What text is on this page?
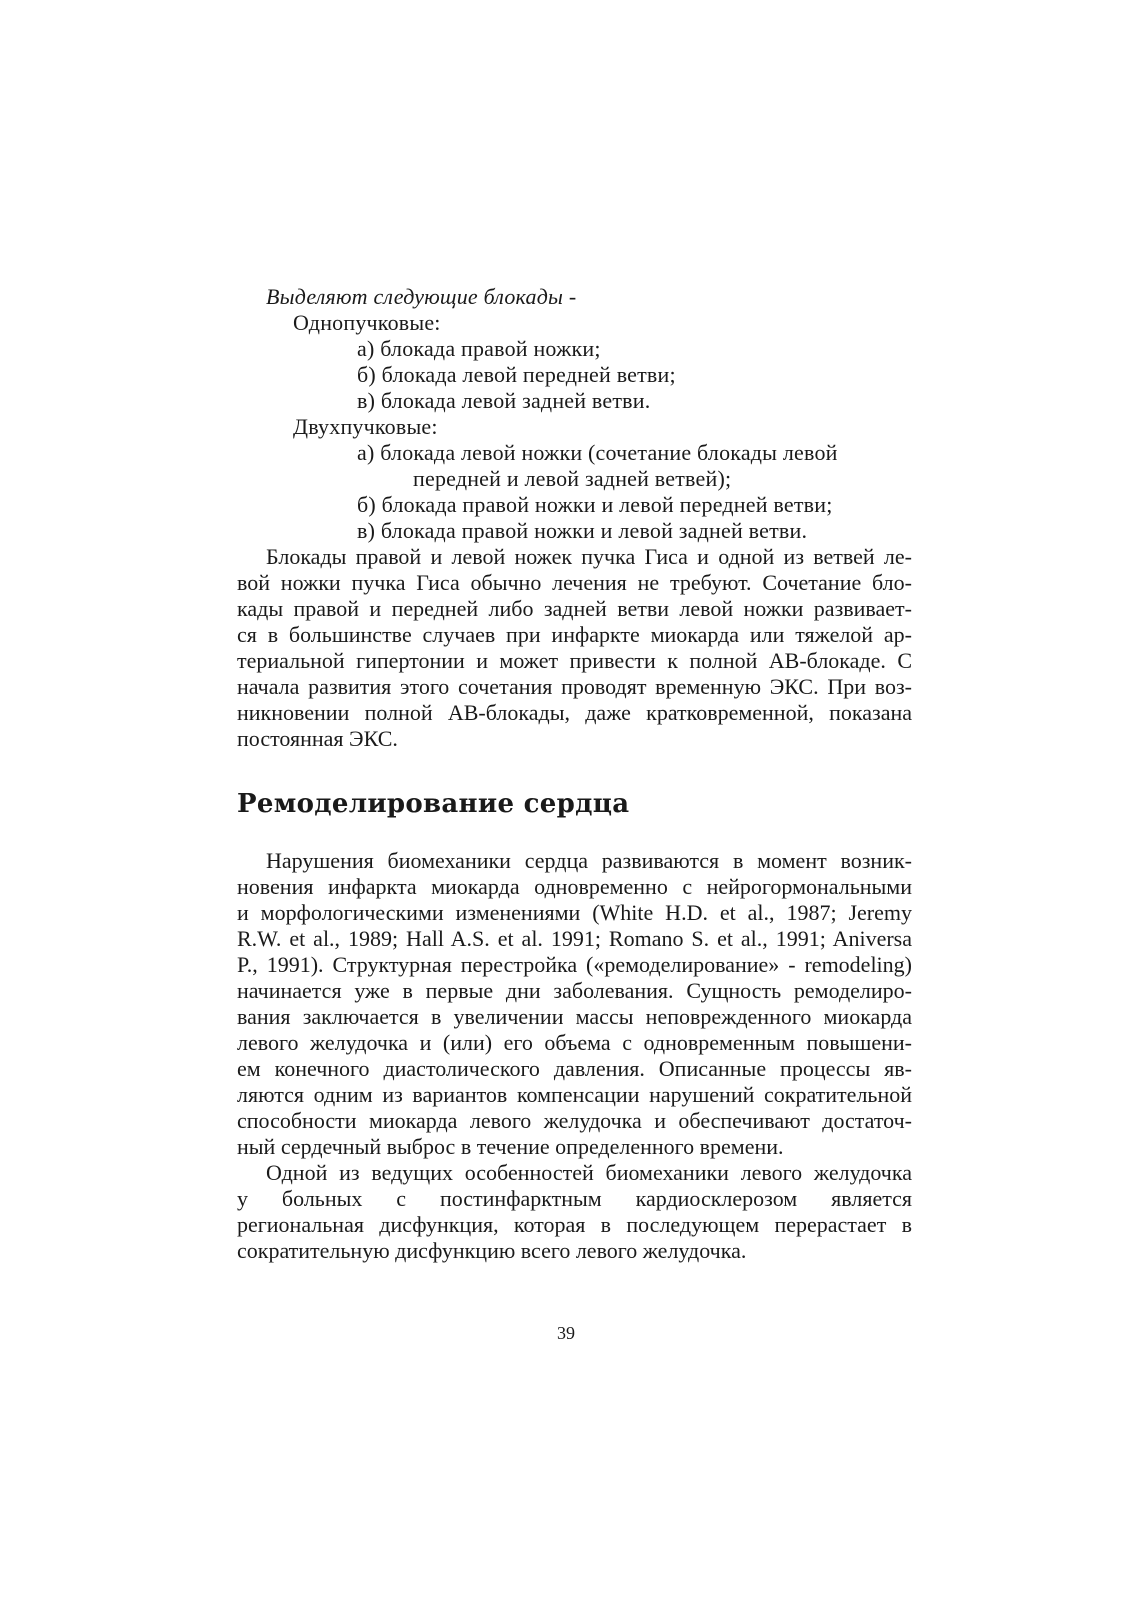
Выделяют следующие блокады -
Однопучковые:
а) блокада правой ножки;
б) блокада левой передней ветви;
в) блокада левой задней ветви.
Двухпучковые:
а) блокада левой ножки (сочетание блокады левой
передней и левой задней ветвей);
б) блокада правой ножки и левой передней ветви;
в) блокада правой ножки и левой задней ветви.
Блокады правой и левой ножек пучка Гиса и одной из ветвей ле-
вой ножки пучка Гиса обычно лечения не требуют. Сочетание бло-
кады правой и передней либо задней ветви левой ножки развивает-
ся в большинстве случаев при инфаркте миокарда или тяжелой ар-
териальной гипертонии и может привести к полной АВ-блокаде. С
начала развития этого сочетания проводят временную ЭКС. При воз-
никновении полной АВ-блокады, даже кратковременной, показана
постоянная ЭКС.
Ремоделирование сердца
Нарушения биомеханики сердца развиваются в момент возник-
новения инфаркта миокарда одновременно с нейрогормональными
и морфологическими изменениями (White H.D. et al., 1987; Jeremy
R.W. et al., 1989; Hall A.S. et al. 1991; Romano S. et al., 1991; Aniversa
P., 1991). Структурная перестройка («ремоделирование» - remodeling)
начинается уже в первые дни заболевания. Сущность ремоделиро-
вания заключается в увеличении массы неповрежденного миокарда
левого желудочка и (или) его объема с одновременным повышени-
ем конечного диастолического давления. Описанные процессы яв-
ляются одним из вариантов компенсации нарушений сократительной
способности миокарда левого желудочка и обеспечивают достаточ-
ный сердечный выброс в течение определенного времени.
Одной из ведущих особенностей биомеханики левого желудочка
у больных с постинфарктным кардиосклерозом является
региональная дисфункция, которая в последующем перерастает в
сократительную дисфункцию всего левого желудочка.
39
